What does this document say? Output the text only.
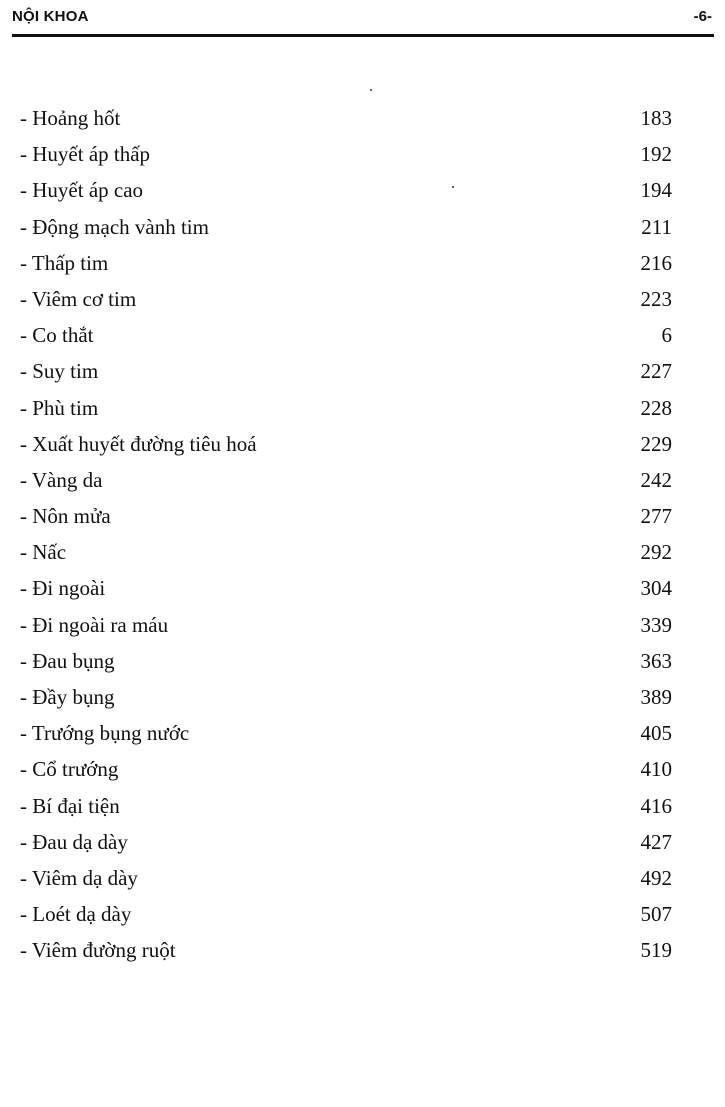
NỘI KHOA	-6-
- Hoảng hốt	183
- Huyết áp thấp	192
- Huyết áp cao	194
- Động mạch vành tim	211
- Thấp tim	216
- Viêm cơ tim	223
- Co thắt	6
- Suy tim	227
- Phù tim	228
- Xuất huyết đường tiêu hoá	229
- Vàng da	242
- Nôn mửa	277
- Nấc	292
- Đi ngoài	304
- Đi ngoài ra máu	339
- Đau bụng	363
- Đầy bụng	389
- Trướng bụng nước	405
- Cổ trướng	410
- Bí đại tiện	416
- Đau dạ dày	427
- Viêm dạ dày	492
- Loét dạ dày	507
- Viêm đường ruột	519
